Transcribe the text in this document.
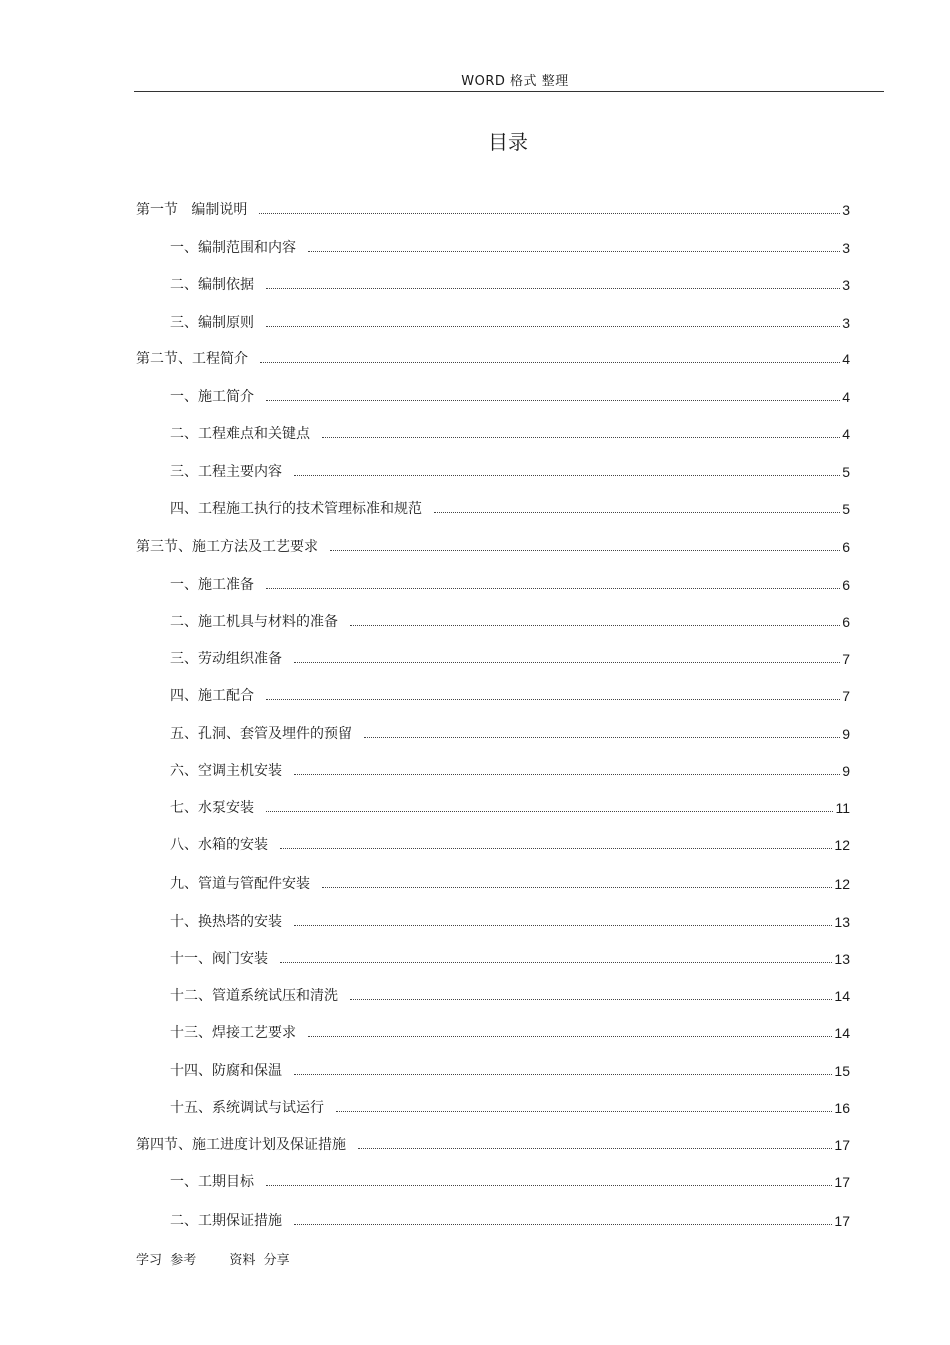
WORD 格式 整理
目录
第一节   编制说明	3
一、编制范围和内容	3
二、编制依据	3
三、编制原则	3
第二节、工程简介	4
一、施工简介	4
二、工程难点和关键点	4
三、工程主要内容	5
四、工程施工执行的技术管理标准和规范	5
第三节、施工方法及工艺要求	6
一、施工准备	6
二、施工机具与材料的准备	6
三、劳动组织准备	7
四、施工配合	7
五、孔洞、套管及埋件的预留	9
六、空调主机安装	9
七、水泵安装	11
八、水箱的安装	12
九、管道与管配件安装	12
十、换热塔的安装	13
十一、阀门安装	13
十二、管道系统试压和清洗	14
十三、焊接工艺要求	14
十四、防腐和保温	15
十五、系统调试与试运行	16
第四节、施工进度计划及保证措施	17
一、工期目标	17
二、工期保证措施	17
学习  参考        资料  分享
